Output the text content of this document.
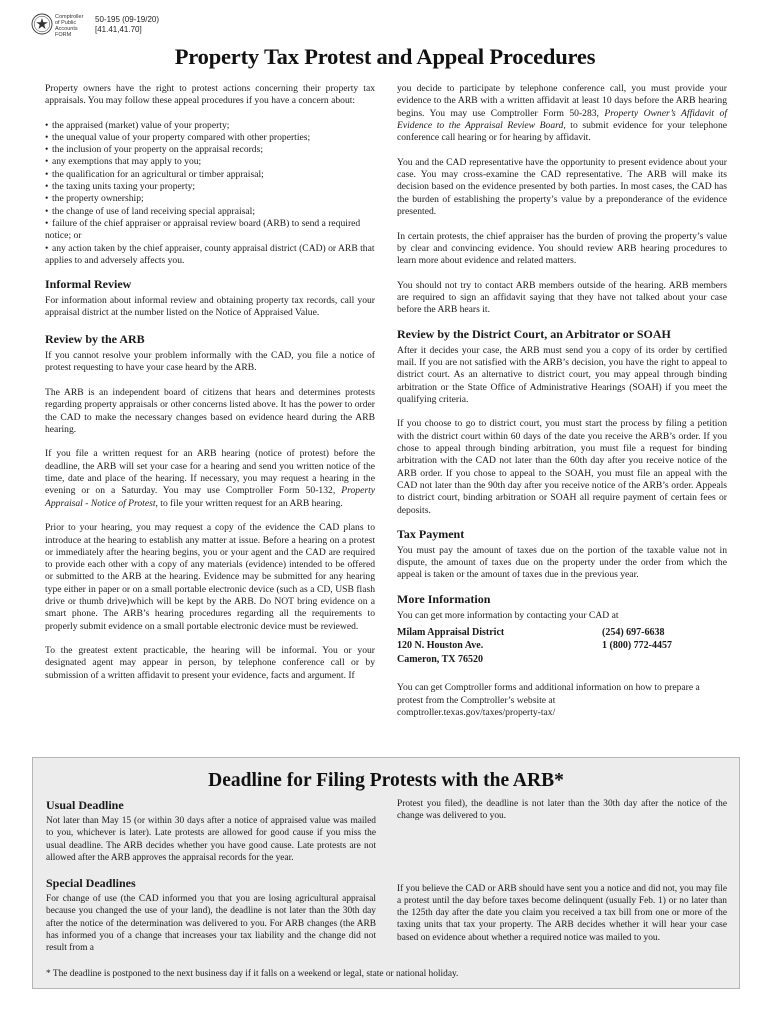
Comptroller
of Public
Accounts
FORM
50-195 (09-19/20)
[41.41,41.70]
Property Tax Protest and Appeal Procedures

Property owners have the right to protest actions concerning their property tax appraisals. You may follow these appeal procedures if you have a concern about:

• the appraised (market) value of your property;
• the unequal value of your property compared with other properties;
• the inclusion of your property on the appraisal records;
• any exemptions that may apply to you;
• the qualification for an agricultural or timber appraisal;
• the taxing units taxing your property;
• the property ownership;
• the change of use of land receiving special appraisal;
• failure of the chief appraiser or appraisal review board (ARB) to send a required notice; or
• any action taken by the chief appraiser, county appraisal district (CAD) or ARB that applies to and adversely affects you.
Informal Review

For information about informal review and obtaining property tax records, call your appraisal district at the number listed on the Notice of Appraised Value.

Review by the ARB

If you cannot resolve your problem informally with the CAD, you file a notice of protest requesting to have your case heard by the ARB.

The ARB is an independent board of citizens that hears and determines protests regarding property appraisals or other concerns listed above. It has the power to order the CAD to make the necessary changes based on evidence heard during the ARB hearing.

If you file a written request for an ARB hearing (notice of protest) before the deadline, the ARB will set your case for a hearing and send you written notice of the time, date and place of the hearing. If necessary, you may request a hearing in the evening or on a Saturday. You may use Comptroller Form 50-132, Property Appraisal - Notice of Protest, to file your written request for an ARB hearing.

Prior to your hearing, you may request a copy of the evidence the CAD plans to introduce at the hearing to establish any matter at issue. Before a hearing on a protest or immediately after the hearing begins, you or your agent and the CAD are required to provide each other with a copy of any materials (evidence) intended to be offered or submitted to the ARB at the hearing. Evidence may be submitted for any hearing type either in paper or on a small portable electronic device (such as a CD, USB flash drive or thumb drive)which will be kept by the ARB. Do NOT bring evidence on a smart phone. The ARB’s hearing procedures regarding all the requirements to properly submit evidence on a small portable electronic device must be reviewed.

To the greatest extent practicable, the hearing will be informal. You or your designated agent may appear in person, by telephone conference call or by submission of a written affidavit to present your evidence, facts and argument. If

you decide to participate by telephone conference call, you must provide your evidence to the ARB with a written affidavit at least 10 days before the ARB hearing begins. You may use Comptroller Form 50-283, Property Owner’s Affidavit of Evidence to the Appraisal Review Board, to submit evidence for your telephone conference call hearing or for hearing by affidavit.

You and the CAD representative have the opportunity to present evidence about your case. You may cross-examine the CAD representative. The ARB will make its decision based on the evidence presented by both parties. In most cases, the CAD has the burden of establishing the property’s value by a preponderance of the evidence presented.

In certain protests, the chief appraiser has the burden of proving the property’s value by clear and convincing evidence. You should review ARB hearing procedures to learn more about evidence and related matters.

You should not try to contact ARB members outside of the hearing. ARB members are required to sign an affidavit saying that they have not talked about your case before the ARB hears it.

Review by the District Court, an Arbitrator or SOAH

After it decides your case, the ARB must send you a copy of its order by certified mail. If you are not satisfied with the ARB’s decision, you have the right to appeal to district court. As an alternative to district court, you may appeal through binding arbitration or the State Office of Administrative Hearings (SOAH) if you meet the qualifying criteria.

If you choose to go to district court, you must start the process by filing a petition with the district court within 60 days of the date you receive the ARB’s order. If you chose to appeal through binding arbitration, you must file a request for binding arbitration with the CAD not later than the 60th day after you receive notice of the ARB order. If you chose to appeal to the SOAH, you must file an appeal with the CAD not later than the 90th day after you receive notice of the ARB’s order. Appeals to district court, binding arbitration or SOAH all require payment of certain fees or deposits.

Tax Payment

You must pay the amount of taxes due on the portion of the taxable value not in dispute, the amount of taxes due on the property under the order from which the appeal is taken or the amount of taxes due in the previous year.

More Information

You can get more information by contacting your CAD at

Milam Appraisal District
120 N. Houston Ave.
Cameron, TX 76520
(254) 697-6638
1 (800) 772-4457

You can get Comptroller forms and additional information on how to prepare a protest from the Comptroller’s website at

comptroller.texas.gov/taxes/property-tax/

Deadline for Filing Protests with the ARB*
Usual Deadline

Not later than May 15 (or within 30 days after a notice of appraised value was mailed to you, whichever is later). Late protests are allowed for good cause if you miss the usual deadline. The ARB decides whether you have good cause. Late protests are not allowed after the ARB approves the appraisal records for the year.

Special Deadlines

For change of use (the CAD informed you that you are losing agricultural appraisal because you changed the use of your land), the deadline is not later than the 30th day after the notice of the determination was delivered to you. For ARB changes (the ARB has informed you of a change that increases your tax liability and the change did not result from a

Protest you filed), the deadline is not later than the 30th day after the notice of the change was delivered to you.

If you believe the CAD or ARB should have sent you a notice and did not, you may file a protest until the day before taxes become delinquent (usually Feb. 1) or no later than the 125th day after the date you claim you received a tax bill from one or more of the taxing units that tax your property. The ARB decides whether it will hear your case based on evidence about whether a required notice was mailed to you.

* The deadline is postponed to the next business day if it falls on a weekend or legal, state or national holiday.
